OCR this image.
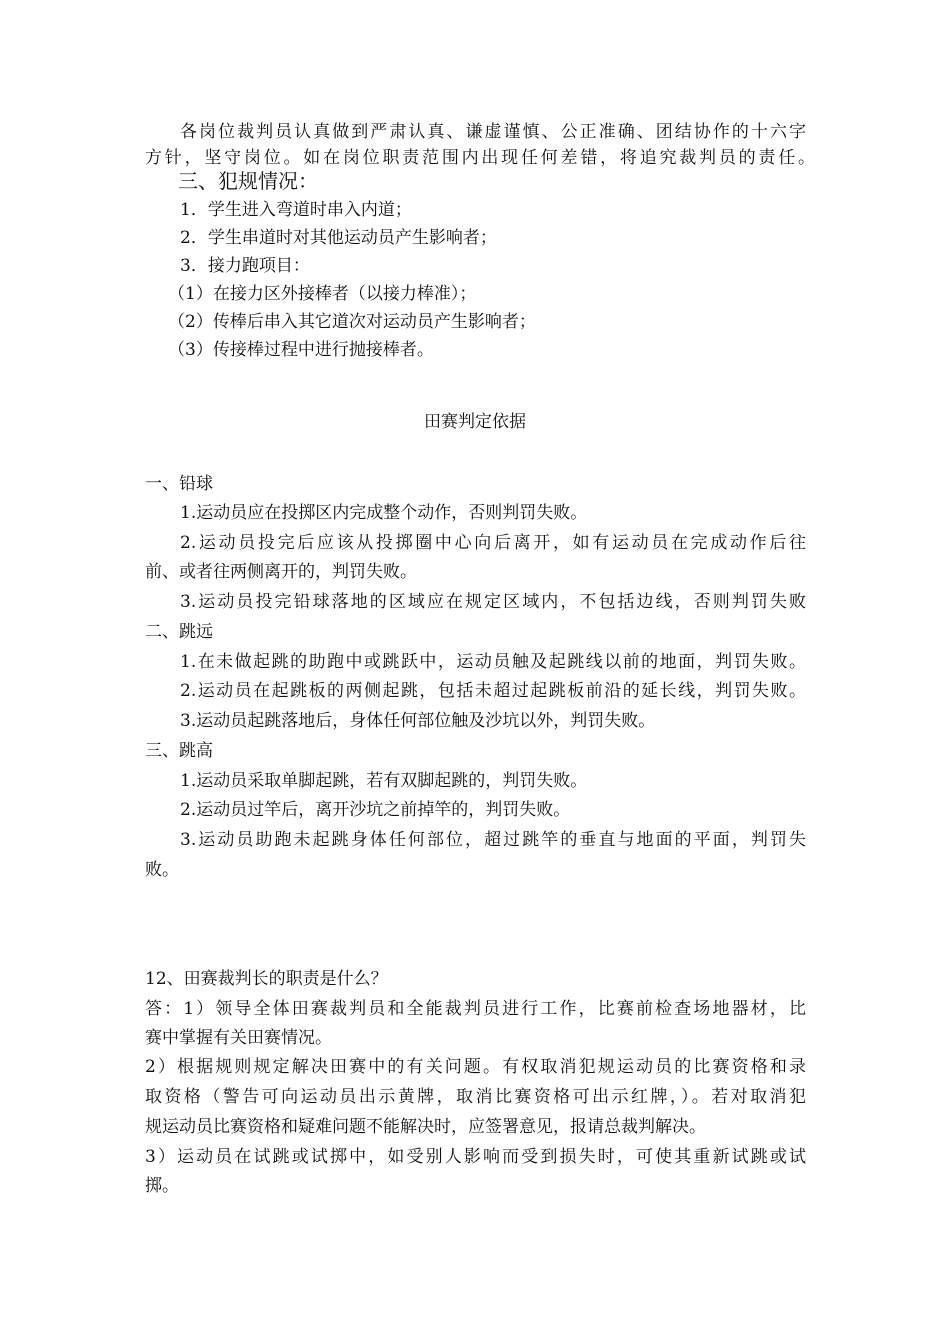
各岗位裁判员认真做到严肃认真、谦虚谨慎、公正准确、团结协作的十六字
方针，坚守岗位。如在岗位职责范围内出现任何差错，将追究裁判员的责任。
三、犯规情况：
1．学生进入弯道时串入内道；
2．学生串道时对其他运动员产生影响者；
3．接力跑项目：
（1）在接力区外接棒者（以接力棒准）；
（2）传棒后串入其它道次对运动员产生影响者；
（3）传接棒过程中进行抛接棒者。
田赛判定依据
一、铅球
1.运动员应在投掷区内完成整个动作，否则判罚失败。
2.运动员投完后应该从投掷圈中心向后离开，如有运动员在完成动作后往
前、或者往两侧离开的，判罚失败。
3.运动员投完铅球落地的区域应在规定区域内，不包括边线，否则判罚失败
二、跳远
1.在未做起跳的助跑中或跳跃中，运动员触及起跳线以前的地面，判罚失败。
2.运动员在起跳板的两侧起跳，包括未超过起跳板前沿的延长线，判罚失败。
3.运动员起跳落地后，身体任何部位触及沙坑以外，判罚失败。
三、跳高
1.运动员采取单脚起跳，若有双脚起跳的，判罚失败。
2.运动员过竿后，离开沙坑之前掉竿的，判罚失败。
3.运动员助跑未起跳身体任何部位，超过跳竿的垂直与地面的平面，判罚失
败。
12、田赛裁判长的职责是什么？
答：1）领导全体田赛裁判员和全能裁判员进行工作，比赛前检查场地器材，比
赛中掌握有关田赛情况。
2）根据规则规定解决田赛中的有关问题。有权取消犯规运动员的比赛资格和录
取资格（警告可向运动员出示黄牌，取消比赛资格可出示红牌，）。若对取消犯
规运动员比赛资格和疑难问题不能解决时，应签署意见，报请总裁判解决。
3）运动员在试跳或试掷中，如受别人影响而受到损失时，可使其重新试跳或试
掷。
